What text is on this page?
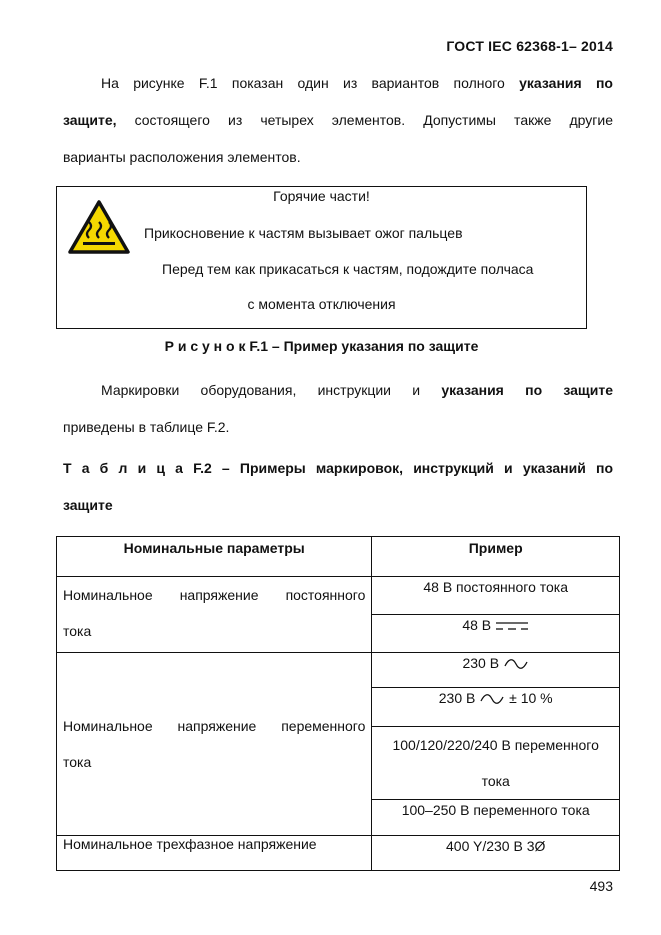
ГОСТ IEC 62368-1– 2014
На рисунке F.1 показан один из вариантов полного указания по
защите, состоящего из четырех элементов. Допустимы также другие
варианты расположения элементов.
Горячие части!
Прикосновение к частям вызывает ожог пальцев
Перед тем как прикасаться к частям, подождите полчаса
с момента отключения
Р и с у н о к F.1 – Пример указания по защите
Маркировки оборудования, инструкции и указания по защите
приведены в таблице F.2.
Т а б л и ц а F.2 – Примеры маркировок, инструкций и указаний по
защите
Номинальные параметры	Пример

Номинальное напряжение постоянного
тока	48 В постоянного тока
	48 В

Номинальное напряжение переменного
тока	230 В
	230 В ± 10 %

	100/120/220/240 В переменного
тока

	100–250 В переменного тока
Номинальное трехфазное напряжение	400 Y/230 В 3Ø
493
